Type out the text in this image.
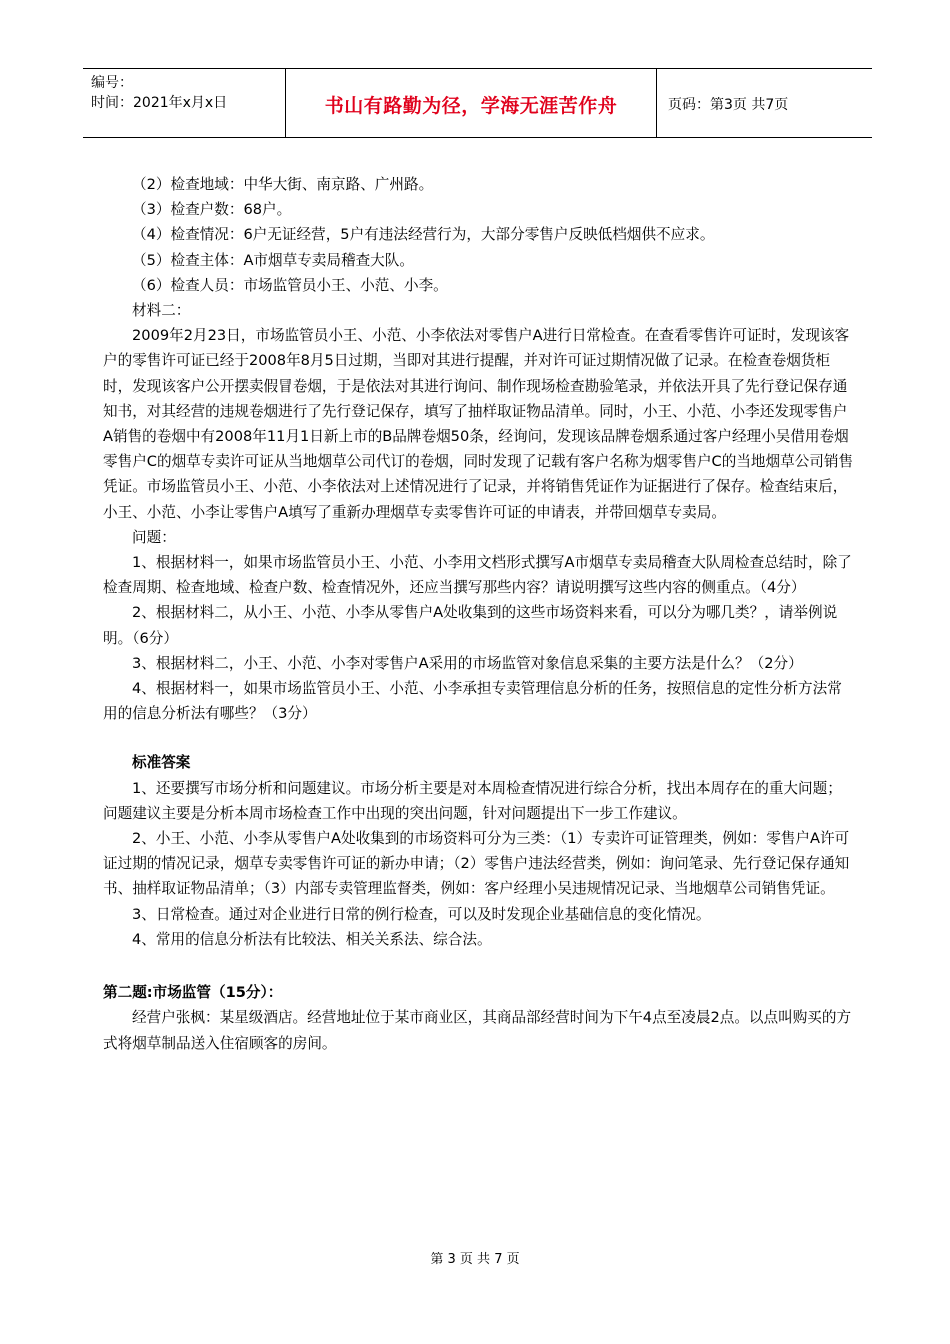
编号：
时间：2021年x月x日	书山有路勤为径，学海无涯苦作舟	页码：第3页 共7页

（2）检查地域：中华大街、南京路、广州路。

（3）检查户数：68户。

（4）检查情况：6户无证经营，5户有违法经营行为，大部分零售户反映低档烟供不应求。

（5）检查主体：A市烟草专卖局稽查大队。

（6）检查人员：市场监管员小王、小范、小李。

材料二：

2009年2月23日，市场监管员小王、小范、小李依法对零售户A进行日常检查。在查看零售许可证时，发现该客户的零售许可证已经于2008年8月5日过期，当即对其进行提醒，并对许可证过期情况做了记录。在检查卷烟货柜时，发现该客户公开摆卖假冒卷烟，于是依法对其进行询问、制作现场检查勘验笔录，并依法开具了先行登记保存通知书，对其经营的违规卷烟进行了先行登记保存，填写了抽样取证物品清单。同时，小王、小范、小李还发现零售户A销售的卷烟中有2008年11月1日新上市的B品牌卷烟50条，经询问，发现该品牌卷烟系通过客户经理小吴借用卷烟零售户C的烟草专卖许可证从当地烟草公司代订的卷烟，同时发现了记载有客户名称为烟零售户C的当地烟草公司销售凭证。市场监管员小王、小范、小李依法对上述情况进行了记录，并将销售凭证作为证据进行了保存。检查结束后，小王、小范、小李让零售户A填写了重新办理烟草专卖零售许可证的申请表，并带回烟草专卖局。

问题：

1、根据材料一，如果市场监管员小王、小范、小李用文档形式撰写A市烟草专卖局稽查大队周检查总结时，除了检查周期、检查地域、检查户数、检查情况外，还应当撰写那些内容？请说明撰写这些内容的侧重点。（4分）

2、根据材料二，从小王、小范、小李从零售户A处收集到的这些市场资料来看，可以分为哪几类？，请举例说明。（6分）

3、根据材料二，小王、小范、小李对零售户A采用的市场监管对象信息采集的主要方法是什么？（2分）

4、根据材料一，如果市场监管员小王、小范、小李承担专卖管理信息分析的任务，按照信息的定性分析方法常用的信息分析法有哪些？（3分）

标准答案

1、还要撰写市场分析和问题建议。市场分析主要是对本周检查情况进行综合分析，找出本周存在的重大问题；问题建议主要是分析本周市场检查工作中出现的突出问题，针对问题提出下一步工作建议。

2、小王、小范、小李从零售户A处收集到的市场资料可分为三类：（1）专卖许可证管理类，例如：零售户A许可证过期的情况记录，烟草专卖零售许可证的新办申请；（2）零售户违法经营类，例如：询问笔录、先行登记保存通知书、抽样取证物品清单；（3）内部专卖管理监督类，例如：客户经理小吴违规情况记录、当地烟草公司销售凭证。

3、日常检查。通过对企业进行日常的例行检查，可以及时发现企业基础信息的变化情况。

4、常用的信息分析法有比较法、相关关系法、综合法。

第二题:市场监管（15分）：

经营户张枫：某星级酒店。经营地址位于某市商业区，其商品部经营时间为下午4点至凌晨2点。以点叫购买的方式将烟草制品送入住宿顾客的房间。

第 3 页 共 7 页
